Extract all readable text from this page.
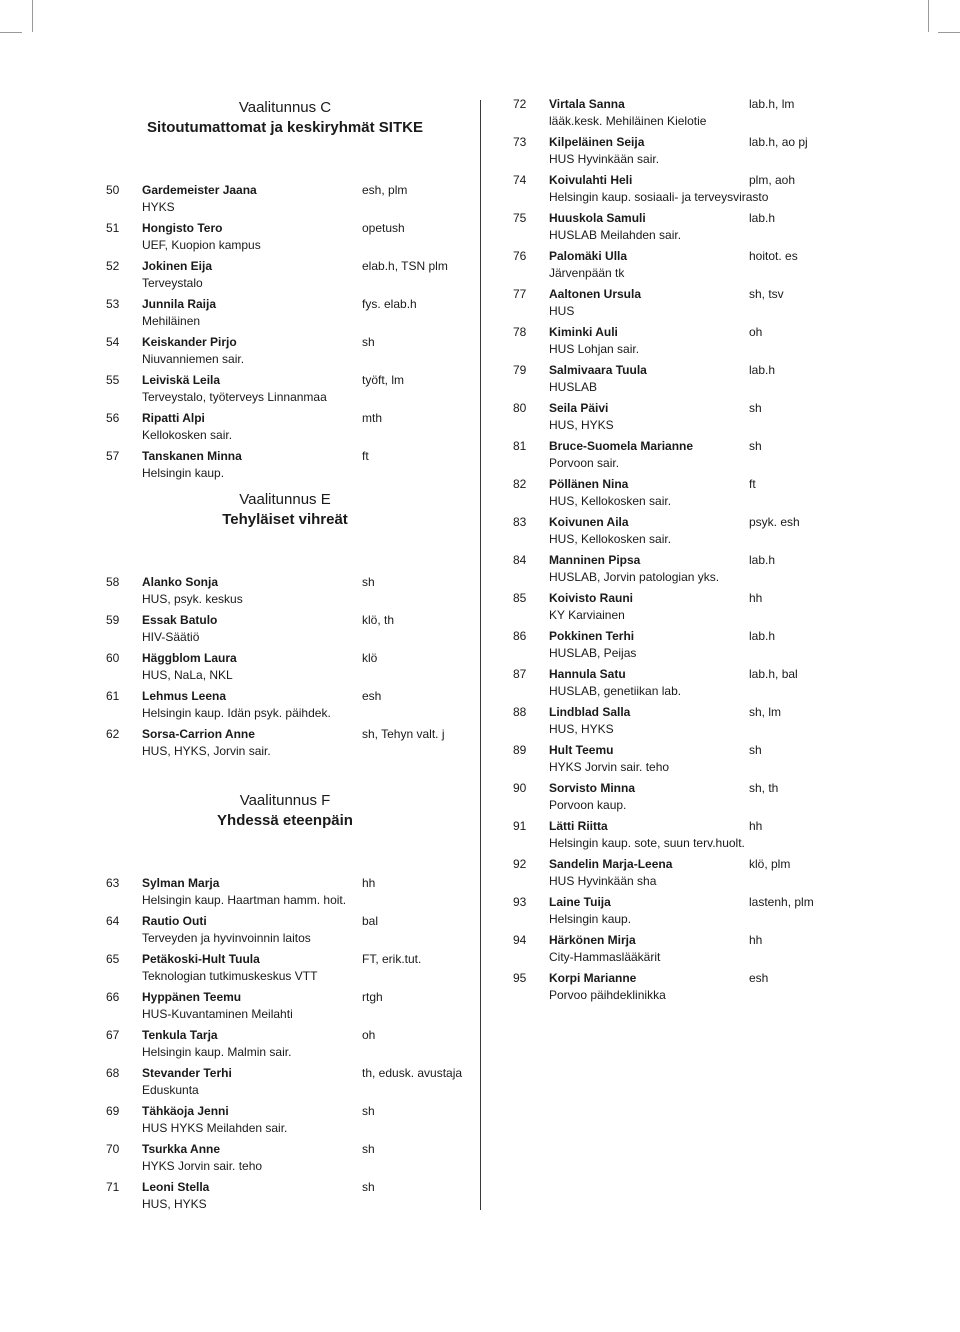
Vaalitunnus C
Sitoutumattomat ja keskiryhmät SITKE
50 Gardemeister Jaana
HYKS
esh, plm
51 Hongisto Tero
UEF, Kuopion kampus
opetush
52 Jokinen Eija
Terveystalo
elab.h, TSN plm
53 Junnila Raija
Mehiläinen
fys. elab.h
54 Keiskander Pirjo
Niuvanniemen sair.
sh
55 Leiviskä Leila
Terveystalo, työterveys Linnanmaa
työft, lm
56 Ripatti Alpi
Kellokosken sair.
mth
57 Tanskanen Minna
Helsingin kaup.
ft
Vaalitunnus E
Tehyläiset vihreät
58 Alanko Sonja
HUS, psyk. keskus
sh
59 Essak Batulo
HIV-Säätiö
klö, th
60 Häggblom Laura
HUS, NaLa, NKL
klö
61 Lehmus Leena
Helsingin kaup. Idän psyk. päihdek.
esh
62 Sorsa-Carrion Anne
HUS, HYKS, Jorvin sair.
sh, Tehyn valt. j
Vaalitunnus F
Yhdessä eteenpäin
63 Sylman Marja
Helsingin kaup. Haartman hamm. hoit.
hh
64 Rautio Outi
Terveyden ja hyvinvoinnin laitos
bal
65 Petäkoski-Hult Tuula
Teknologian tutkimuskeskus VTT
FT, erik.tut.
66 Hyppänen Teemu
HUS-Kuvantaminen Meilahti
rtgh
67 Tenkula Tarja
Helsingin kaup. Malmin sair.
oh
68 Stevander Terhi
Eduskunta
th, edusk. avustaja
69 Tähkäoja Jenni
HUS HYKS Meilahden sair.
sh
70 Tsurkka Anne
HYKS Jorvin sair. teho
sh
71 Leoni Stella
HUS, HYKS
sh
72 Virtala Sanna
lääk.kesk. Mehiläinen Kielotie
lab.h, lm
73 Kilpeläinen Seija
HUS Hyvinkään sair.
lab.h, ao pj
74 Koivulahti Heli
Helsingin kaup. sosiaali- ja terveysvirasto
plm, aoh
75 Huuskola Samuli
HUSLAB Meilahden sair.
lab.h
76 Palomäki Ulla
Järvenpään tk
hoitot. es
77 Aaltonen Ursula
HUS
sh, tsv
78 Kiminki Auli
HUS Lohjan sair.
oh
79 Salmivaara Tuula
HUSLAB
lab.h
80 Seila Päivi
HUS, HYKS
sh
81 Bruce-Suomela Marianne
Porvoon sair.
sh
82 Pöllänen Nina
HUS, Kellokosken sair.
ft
83 Koivunen Aila
HUS, Kellokosken sair.
psyk. esh
84 Manninen Pipsa
HUSLAB, Jorvin patologian yks.
lab.h
85 Koivisto Rauni
KY Karviainen
hh
86 Pokkinen Terhi
HUSLAB, Peijas
lab.h
87 Hannula Satu
HUSLAB, genetiikan lab.
lab.h, bal
88 Lindblad Salla
HUS, HYKS
sh, lm
89 Hult Teemu
HYKS Jorvin sair. teho
sh
90 Sorvisto Minna
Porvoon kaup.
sh, th
91 Lätti Riitta
Helsingin kaup. sote, suun terv.huolt.
hh
92 Sandelin Marja-Leena
HUS Hyvinkään sha
klö, plm
93 Laine Tuija
Helsingin kaup.
lastenh, plm
94 Härkönen Mirja
City-Hammaslääkärit
hh
95 Korpi Marianne
Porvoo päihdeklinikka
esh
